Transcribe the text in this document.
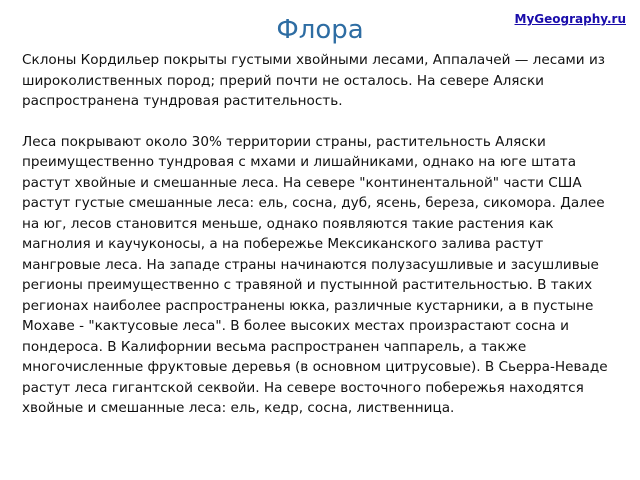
Флора	MyGeography.ru

Склоны Кордильер покрыты густыми хвойными лесами, Аппалачей — лесами из широколиственных пород; прерий почти не осталось. На севере Аляски распространена тундровая растительность.

Леса покрывают около 30% территории страны, растительность Аляски преимущественно тундровая с мхами и лишайниками, однако на юге штата растут хвойные и смешанные леса. На севере "континентальной" части США растут густые смешанные леса: ель, сосна, дуб, ясень, береза, сикомора. Далее на юг, лесов становится меньше, однако появляются такие растения как магнолия и каучуконосы, а на побережье Мексиканского залива растут мангровые леса. На западе страны начинаются полузасушливые и засушливые регионы преимущественно с травяной и пустынной растительностью. В таких регионах наиболее распространены юкка, различные кустарники, а в пустыне Мохаве - "кактусовые леса". В более высоких местах произрастают сосна и пондероса. В Калифорнии весьма распространен чаппарель, а также многочисленные фруктовые деревья (в основном цитрусовые). В Сьерра-Неваде растут леса гигантской секвойи. На севере восточного побережья находятся хвойные и смешанные леса: ель, кедр, сосна, лиственница.
